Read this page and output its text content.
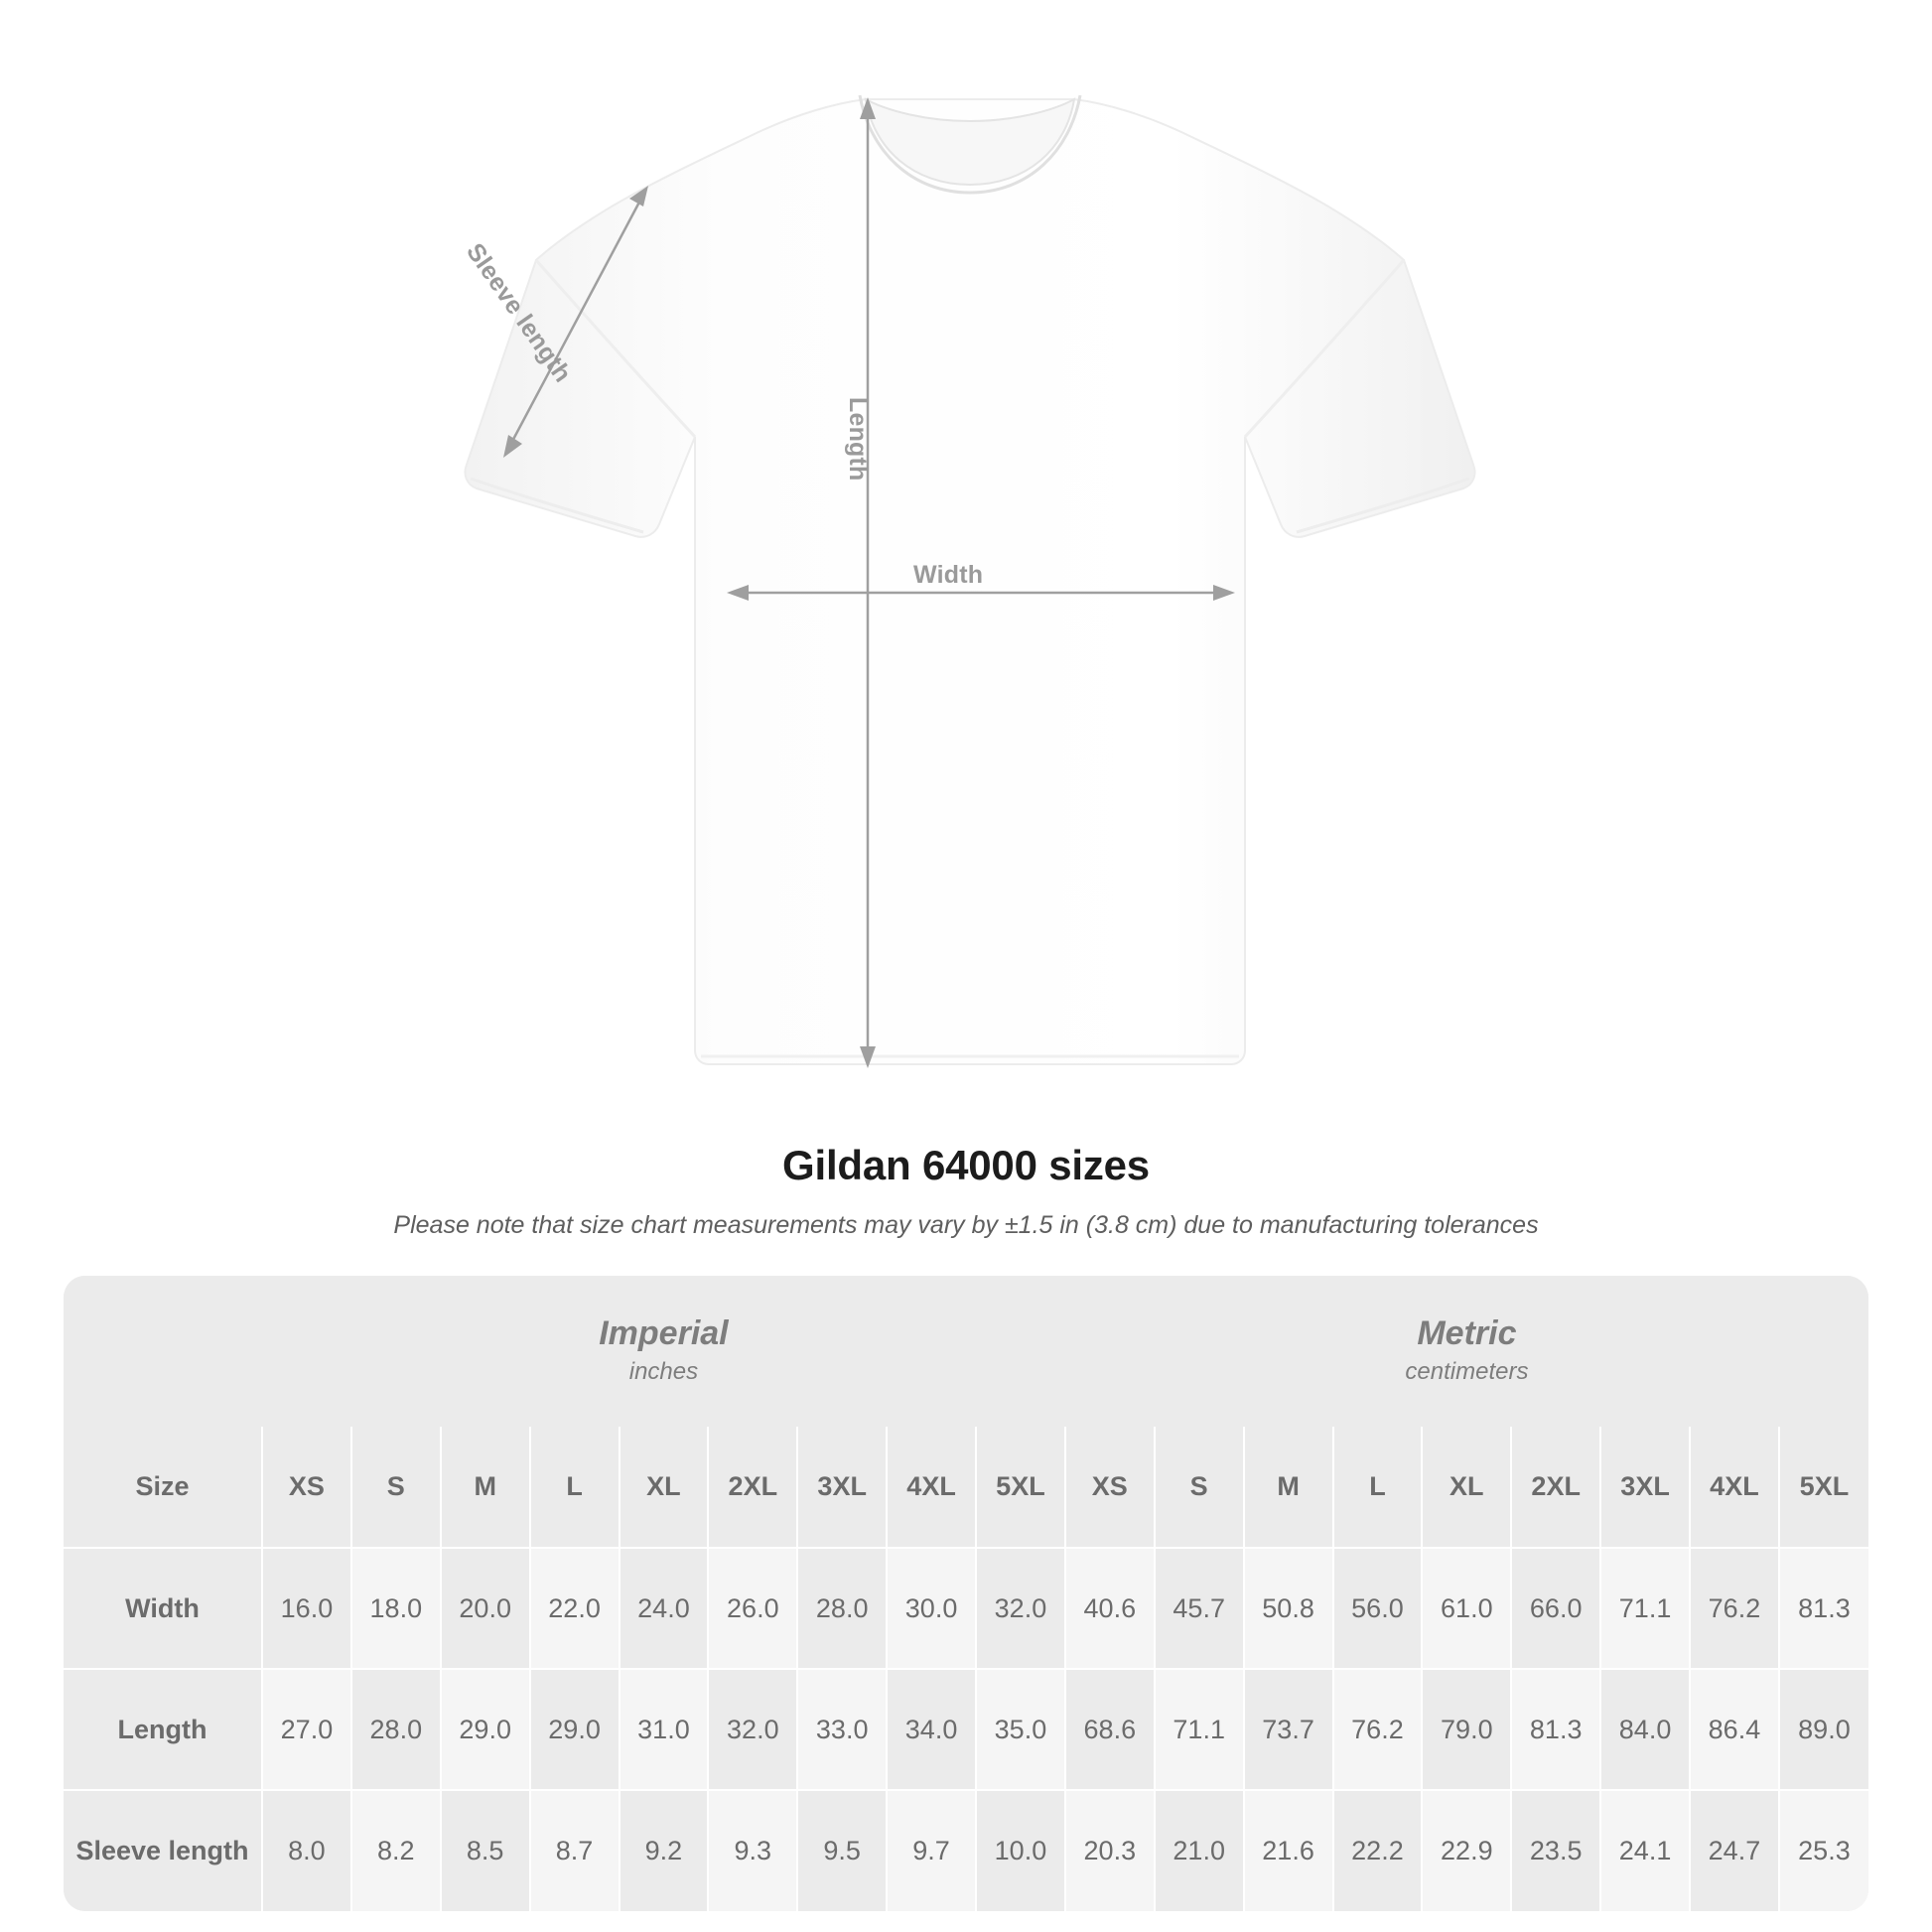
Width
Length
Sleeve length
Gildan 64000 sizes

Please note that size chart measurements may vary by ±1.5 in (3.8 cm) due to manufacturing tolerances

Imperial
inches

Metric
centimeters

Size	XS	S	M	L	XL	2XL	3XL	4XL	5XL	XS	S	M	L	XL	2XL	3XL	4XL	5XL
Width	16.0	18.0	20.0	22.0	24.0	26.0	28.0	30.0	32.0	40.6	45.7	50.8	56.0	61.0	66.0	71.1	76.2	81.3
Length	27.0	28.0	29.0	29.0	31.0	32.0	33.0	34.0	35.0	68.6	71.1	73.7	76.2	79.0	81.3	84.0	86.4	89.0
Sleeve length	8.0	8.2	8.5	8.7	9.2	9.3	9.5	9.7	10.0	20.3	21.0	21.6	22.2	22.9	23.5	24.1	24.7	25.3
